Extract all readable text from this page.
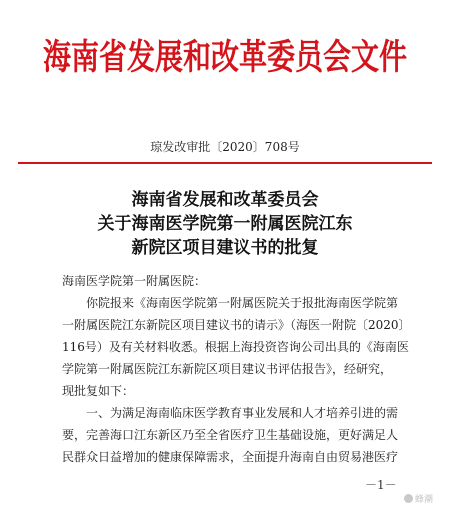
海南省发展和改革委员会文件
琼发改审批〔2020〕708号
海南省发展和改革委员会
关于海南医学院第一附属医院江东
新院区项目建议书的批复
海南医学院第一附属医院：
你院报来《海南医学院第一附属医院关于报批海南医学院第
一附属医院江东新院区项目建议书的请示》（海医一附院〔2020〕
116号）及有关材料收悉。根据上海投资咨询公司出具的《海南医
学院第一附属医院江东新院区项目建议书评估报告》，经研究，
现批复如下：
一、为满足海南临床医学教育事业发展和人才培养引进的需
要，完善海口江东新区乃至全省医疗卫生基础设施，更好满足人
民群众日益增加的健康保障需求，全面提升海南自由贸易港医疗
－1－
蜂潮
